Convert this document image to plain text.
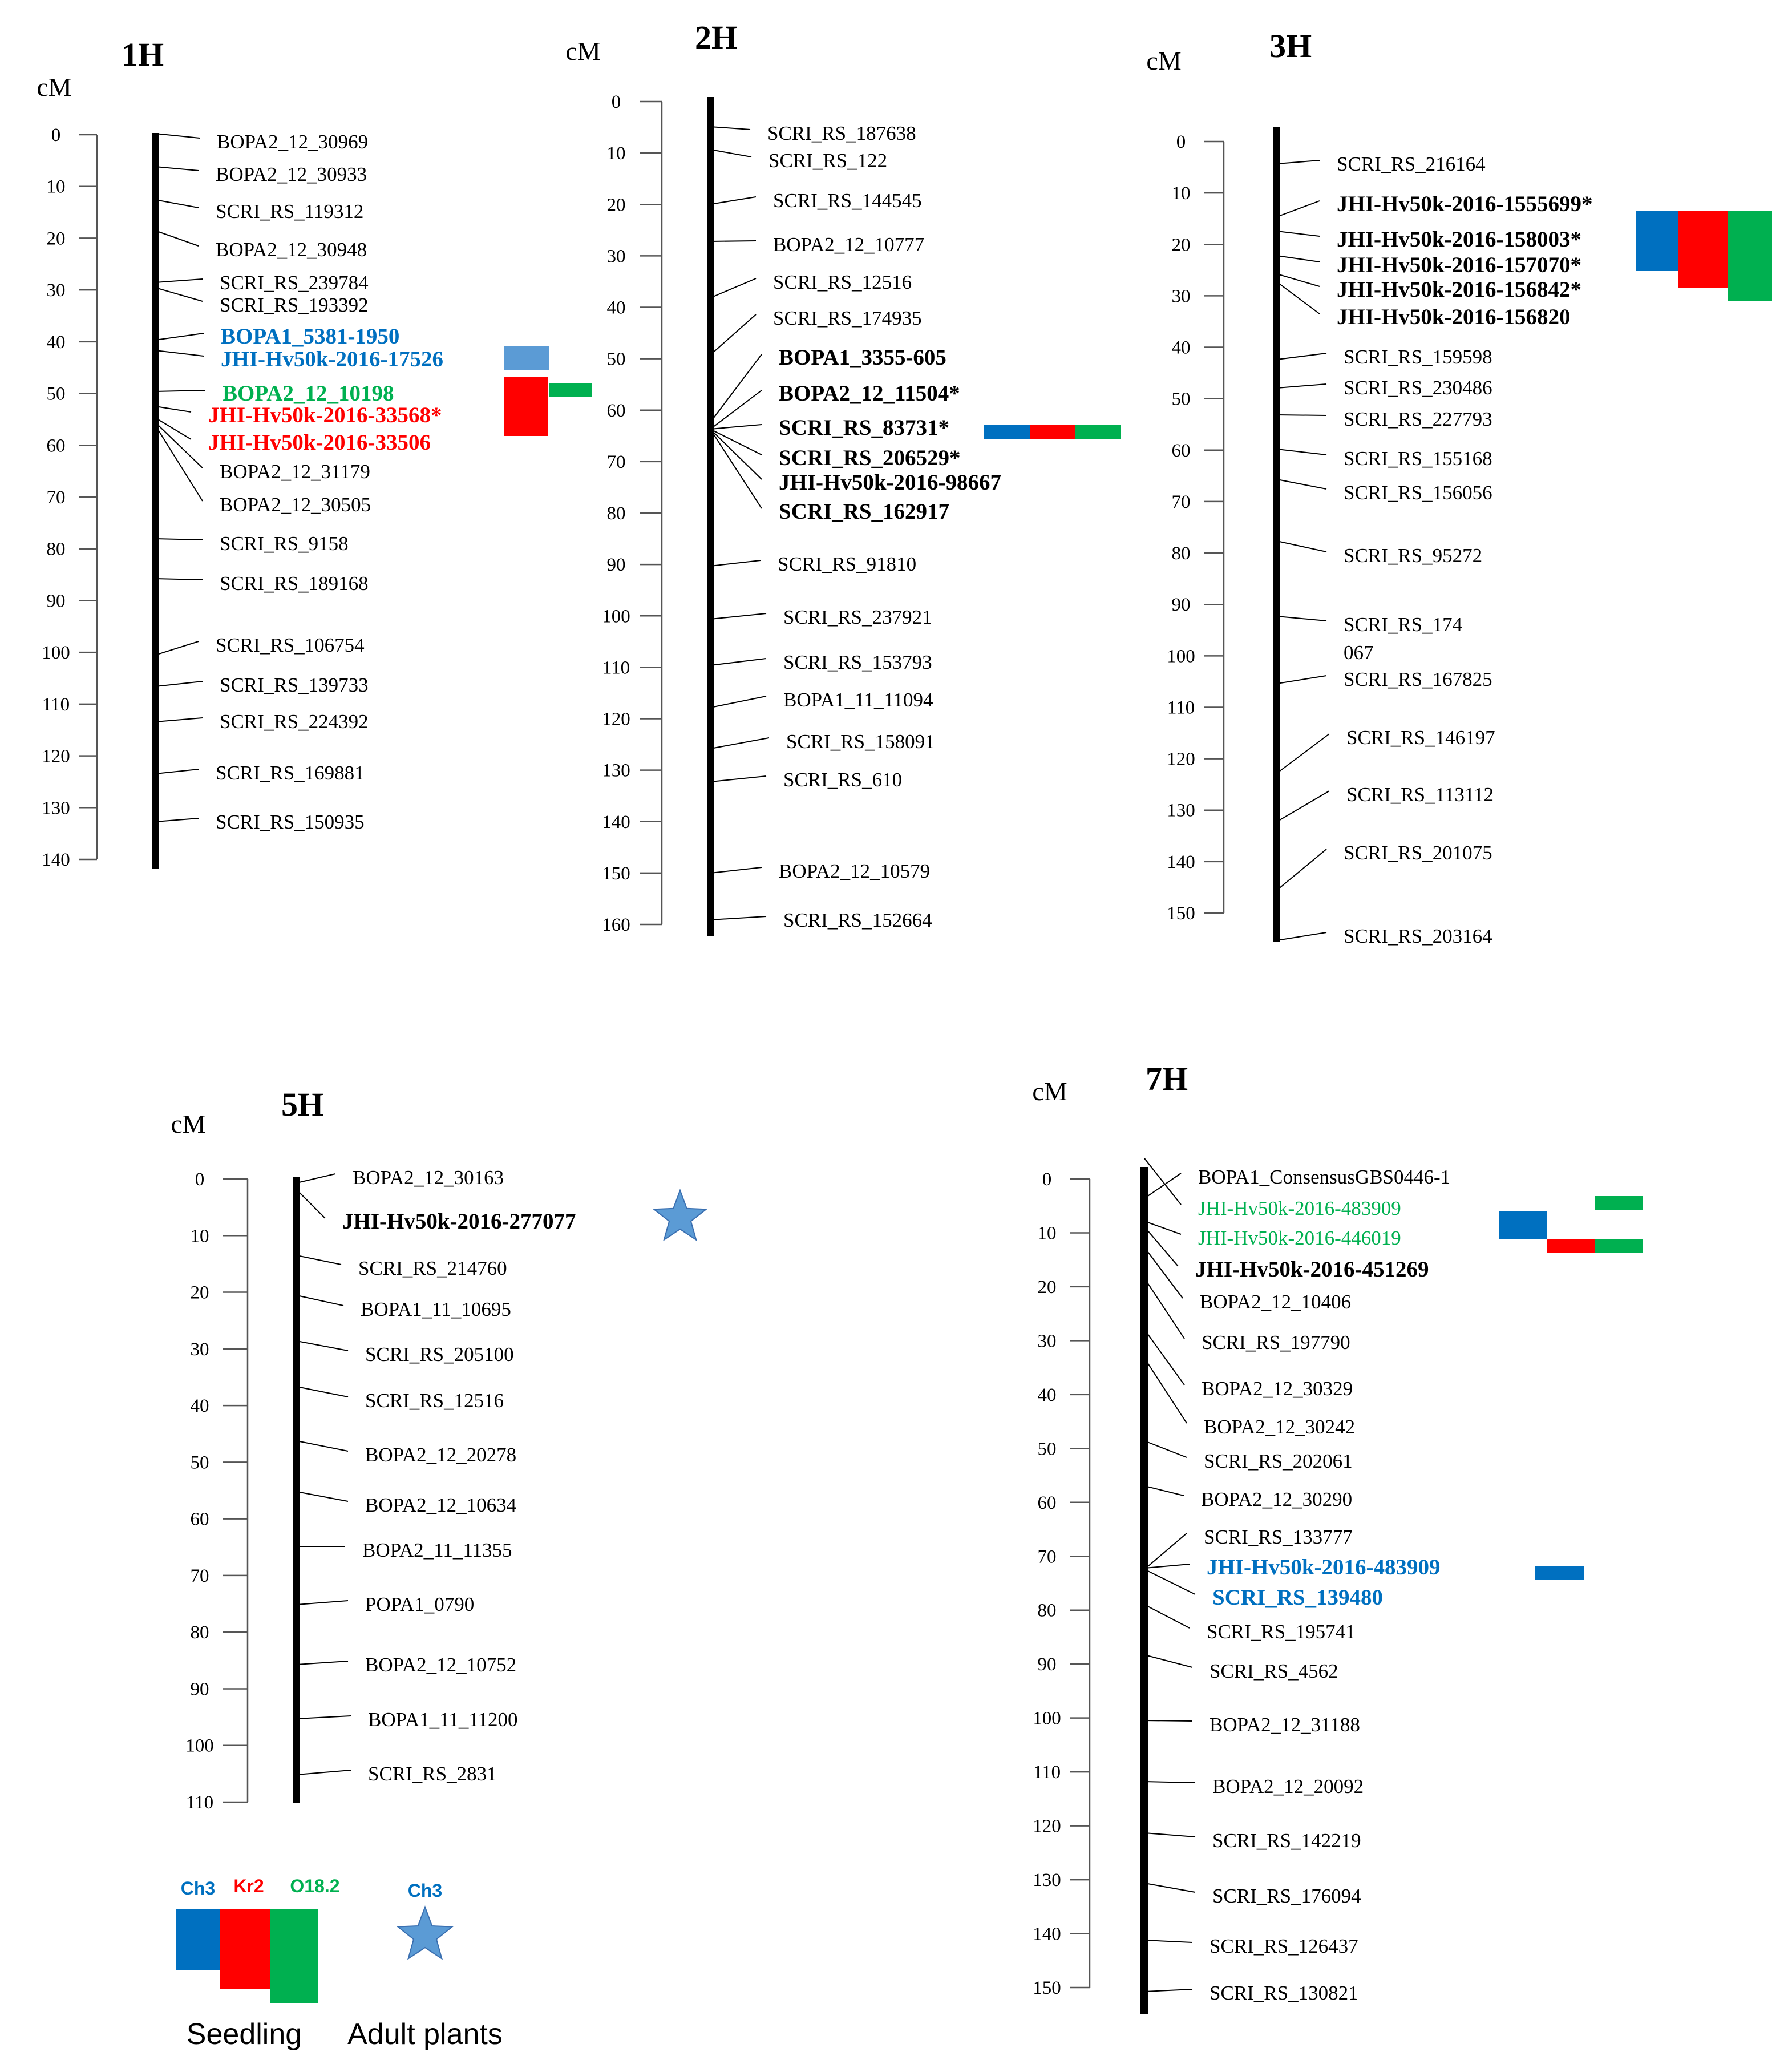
0
10
20
30
40
50
60
70
80
90
100
110
120
130
140
0
10
20
30
40
50
60
70
80
90
100
110
120
130
140
150
160
0
10
20
30
40
50
60
70
80
90
100
110
120
130
140
150
0
10
20
30
40
50
60
70
80
90
100
110
0
10
20
30
40
50
60
70
80
90
100
110
120
130
140
150
1H
cM
2H
cM	3H
cM
5H
cM
7H
cM
BOPA2_12_30969
BOPA2_12_30933
SCRI_RS_119312
BOPA2_12_30948
SCRI_RS_239784
SCRI_RS_193392
BOPA1_5381-1950
JHI-Hv50k-2016-17526
BOPA2_12_10198
JHI-Hv50k-2016-33568*
JHI-Hv50k-2016-33506
BOPA2_12_31179
BOPA2_12_30505
SCRI_RS_9158
SCRI_RS_189168
SCRI_RS_106754
SCRI_RS_139733
SCRI_RS_224392
SCRI_RS_169881
SCRI_RS_150935
SCRI_RS_187638
SCRI_RS_122
SCRI_RS_144545
BOPA2_12_10777
SCRI_RS_12516
SCRI_RS_174935
BOPA1_3355-605
BOPA2_12_11504*
SCRI_RS_83731*
SCRI_RS_206529*
JHI-Hv50k-2016-98667
SCRI_RS_162917
SCRI_RS_91810
SCRI_RS_237921
SCRI_RS_153793
BOPA1_11_11094
SCRI_RS_158091
SCRI_RS_610
BOPA2_12_10579
SCRI_RS_152664
SCRI_RS_216164
JHI-Hv50k-2016-1555699*
JHI-Hv50k-2016-158003*
JHI-Hv50k-2016-157070*
JHI-Hv50k-2016-156842*
JHI-Hv50k-2016-156820
SCRI_RS_159598
SCRI_RS_230486
SCRI_RS_227793
SCRI_RS_155168
SCRI_RS_156056
SCRI_RS_95272
SCRI_RS_174
067
SCRI_RS_167825
SCRI_RS_146197
SCRI_RS_113112
SCRI_RS_201075
SCRI_RS_203164
BOPA2_12_30163
JHI-Hv50k-2016-277077
SCRI_RS_214760
BOPA1_11_10695
SCRI_RS_205100
SCRI_RS_12516
BOPA2_12_20278
BOPA2_12_10634
BOPA2_11_11355
POPA1_0790
BOPA2_12_10752
BOPA1_11_11200
SCRI_RS_2831
BOPA1_ConsensusGBS0446-1
JHI-Hv50k-2016-483909
JHI-Hv50k-2016-446019
JHI-Hv50k-2016-451269
BOPA2_12_10406
SCRI_RS_197790
BOPA2_12_30329
BOPA2_12_30242
SCRI_RS_202061
BOPA2_12_30290
SCRI_RS_133777
JHI-Hv50k-2016-483909
SCRI_RS_139480
SCRI_RS_195741
SCRI_RS_4562
BOPA2_12_31188
BOPA2_12_20092
SCRI_RS_142219
SCRI_RS_176094
SCRI_RS_126437
SCRI_RS_130821
Ch3 Kr2 O18.2	Ch3
Seedling Adult plants
